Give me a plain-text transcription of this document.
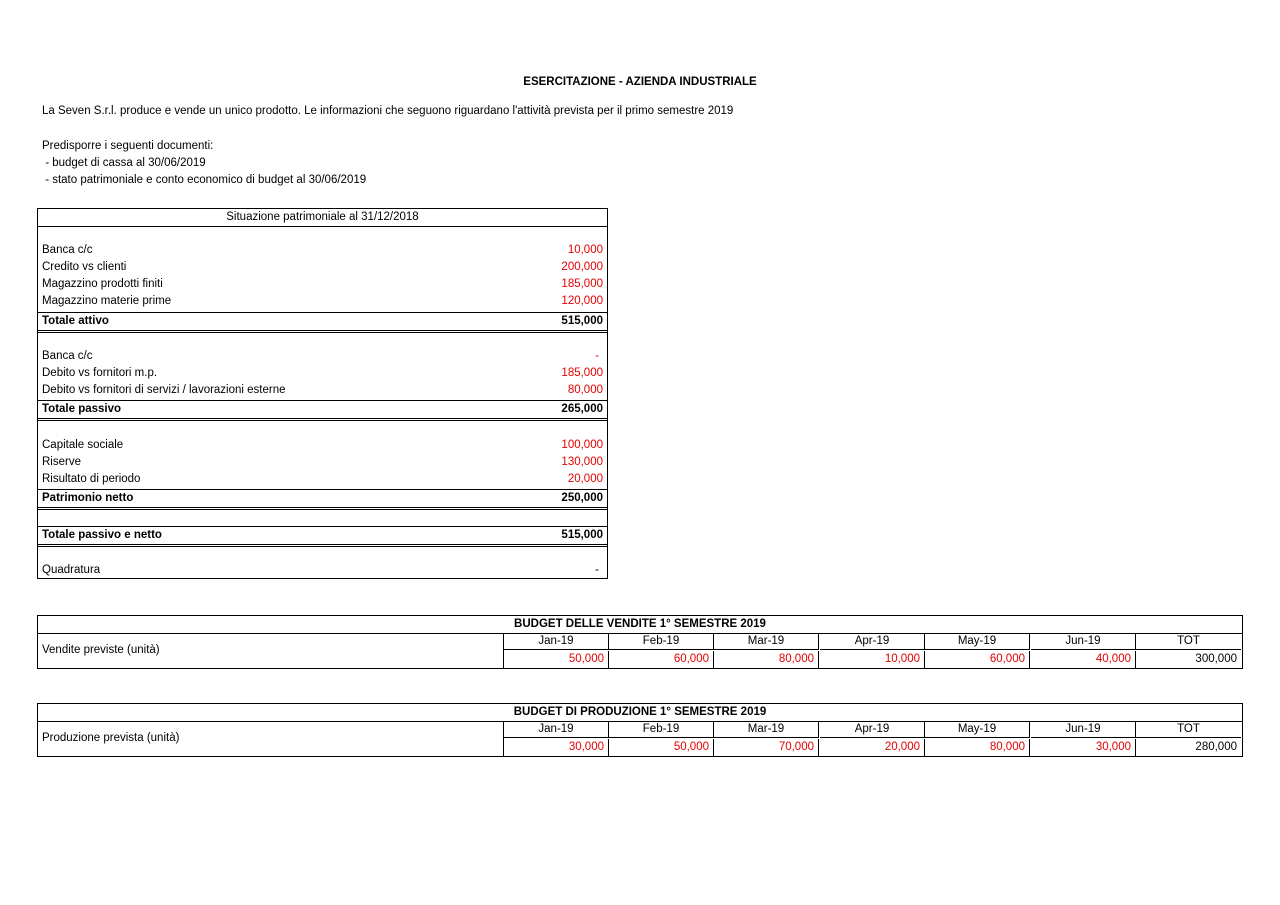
ESERCITAZIONE - AZIENDA INDUSTRIALE
La Seven S.r.l. produce e vende un unico prodotto. Le informazioni che seguono riguardano l'attività prevista per il primo semestre 2019
Predisporre i seguenti documenti:
- budget di cassa al 30/06/2019
- stato patrimoniale e conto economico di budget al 30/06/2019
Situazione patrimoniale al 31/12/2018
Banca c/c	10,000
Credito vs clienti	200,000
Magazzino prodotti finiti	185,000
Magazzino materie prime	120,000
Totale attivo	515,000
Banca c/c	-
Debito vs fornitori m.p.	185,000
Debito vs fornitori di servizi / lavorazioni esterne	80,000
Totale passivo	265,000
Capitale sociale	100,000
Riserve	130,000
Risultato di periodo	20,000
Patrimonio netto	250,000
Totale passivo e netto	515,000
Quadratura	-
BUDGET DELLE VENDITE 1° SEMESTRE 2019
Vendite previste (unità)
Jan-19	Feb-19	Mar-19	Apr-19	May-19	Jun-19	TOT
50,000	60,000	80,000	10,000	60,000	40,000	300,000
BUDGET DI PRODUZIONE 1° SEMESTRE 2019
Produzione prevista (unità)
Jan-19	Feb-19	Mar-19	Apr-19	May-19	Jun-19	TOT
30,000	50,000	70,000	20,000	80,000	30,000	280,000
